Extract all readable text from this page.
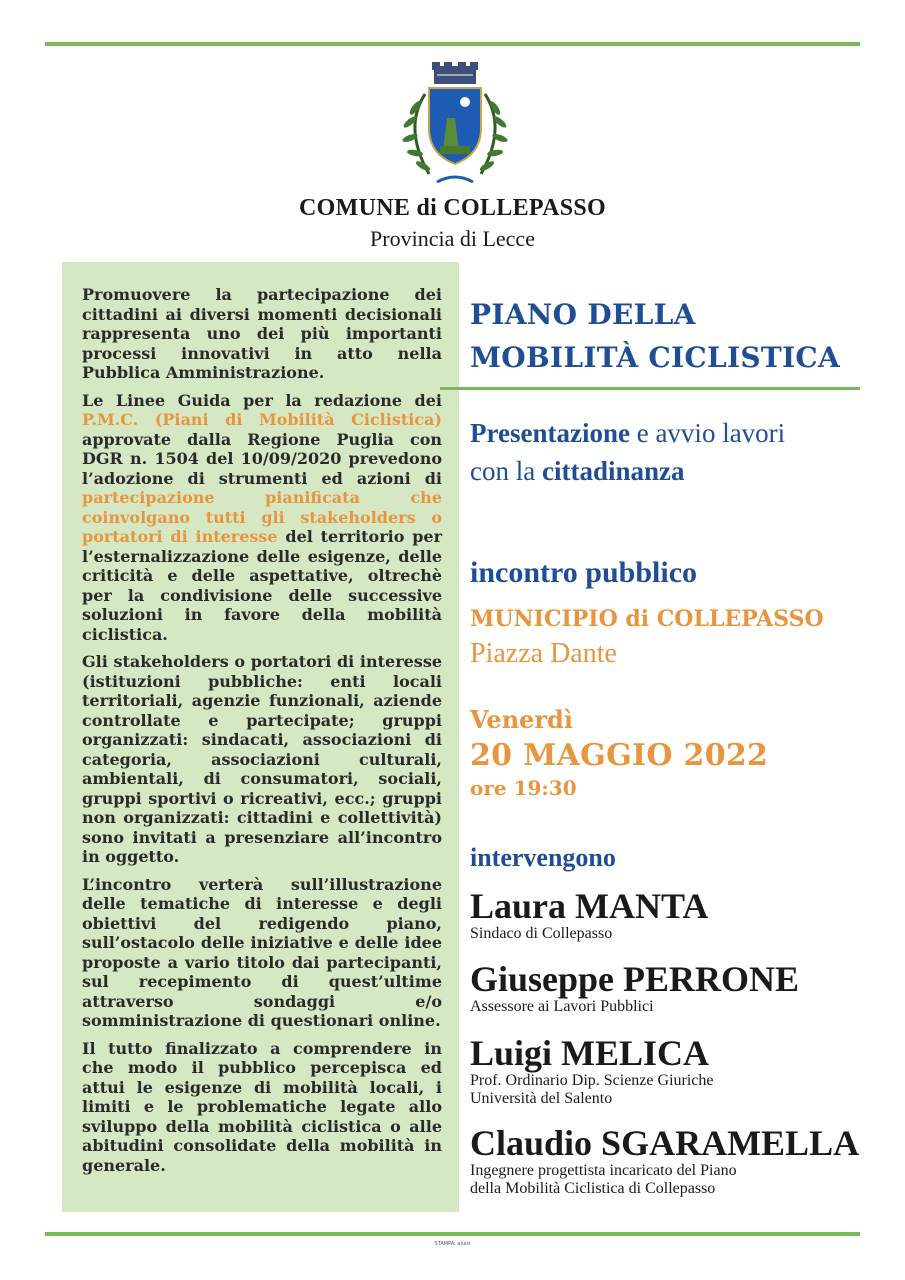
COMUNE di COLLEPASSO
Provincia di Lecce

Promuovere la partecipazione dei cittadini ai diversi momenti decisionali rappresenta uno dei più importanti processi innovativi in atto nella Pubblica Amministrazione.

Le Linee Guida per la redazione dei P.M.C. (Piani di Mobilità Ciclistica) approvate dalla Regione Puglia con DGR n. 1504 del 10/09/2020 prevedono l’adozione di strumenti ed azioni di partecipazione pianificata che coinvolgano tutti gli stakeholders o portatori di interesse del territorio per l’esternalizzazione delle esigenze, delle criticità e delle aspettative, oltrechè per la condivisione delle successive soluzioni in favore della mobilità ciclistica.

Gli stakeholders o portatori di interesse (istituzioni pubbliche: enti locali territoriali, agenzie funzionali, aziende controllate e partecipate; gruppi organizzati: sindacati, associazioni di categoria, associazioni culturali, ambientali, di consumatori, sociali, gruppi sportivi o ricreativi, ecc.; gruppi non organizzati: cittadini e collettività) sono invitati a presenziare all’incontro in oggetto.

L’incontro verterà sull’illustrazione delle tematiche di interesse e degli obiettivi del redigendo piano, sull’ostacolo delle iniziative e delle idee proposte a vario titolo dai partecipanti, sul recepimento di quest’ultime attraverso sondaggi e/o somministrazione di questionari online.

Il tutto finalizzato a comprendere in che modo il pubblico percepisca ed attui le esigenze di mobilità locali, i limiti e le problematiche legate allo sviluppo della mobilità ciclistica o alle abitudini consolidate della mobilità in generale.

PIANO DELLA
MOBILITÀ CICLISTICA
Presentazione e avvio lavori
con la cittadinanza
incontro pubblico
MUNICIPIO di COLLEPASSO
Piazza Dante
Venerdì
20 MAGGIO 2022
ore 19:30
intervengono
Laura MANTA
Sindaco di Collepasso
Giuseppe PERRONE
Assessore ai Lavori Pubblici
Luigi MELICA
Prof. Ordinario Dip. Scienze Giuriche
Università del Salento
Claudio SGARAMELLA
Ingegnere progettista incaricato del Piano
della Mobilità Ciclistica di Collepasso
STAMPA: aluisi
